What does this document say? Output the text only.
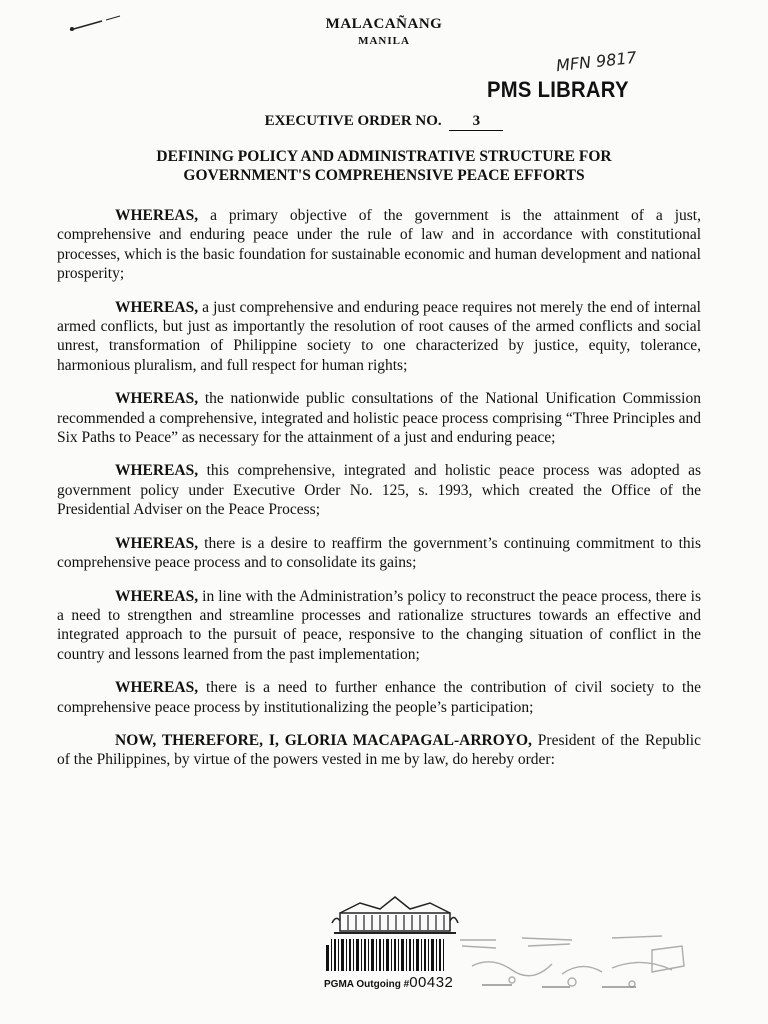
MALACAÑANG
MANILA
MFN 9817
PMS LIBRARY
EXECUTIVE ORDER NO. 3
DEFINING POLICY AND ADMINISTRATIVE STRUCTURE FOR
GOVERNMENT'S COMPREHENSIVE PEACE EFFORTS

WHEREAS, a primary objective of the government is the attainment of a just, comprehensive and enduring peace under the rule of law and in accordance with constitutional processes, which is the basic foundation for sustainable economic and human development and national prosperity;

WHEREAS, a just comprehensive and enduring peace requires not merely the end of internal armed conflicts, but just as importantly the resolution of root causes of the armed conflicts and social unrest, transformation of Philippine society to one characterized by justice, equity, tolerance, harmonious pluralism, and full respect for human rights;

WHEREAS, the nationwide public consultations of the National Unification Commission recommended a comprehensive, integrated and holistic peace process comprising “Three Principles and Six Paths to Peace” as necessary for the attainment of a just and enduring peace;

WHEREAS, this comprehensive, integrated and holistic peace process was adopted as government policy under Executive Order No. 125, s. 1993, which created the Office of the Presidential Adviser on the Peace Process;

WHEREAS, there is a desire to reaffirm the government’s continuing commitment to this comprehensive peace process and to consolidate its gains;

WHEREAS, in line with the Administration’s policy to reconstruct the peace process, there is a need to strengthen and streamline processes and rationalize structures towards an effective and integrated approach to the pursuit of peace, responsive to the changing situation of conflict in the country and lessons learned from the past implementation;

WHEREAS, there is a need to further enhance the contribution of civil society to the comprehensive peace process by institutionalizing the people’s participation;

NOW, THEREFORE, I, GLORIA MACAPAGAL-ARROYO, President of the Republic of the Philippines, by virtue of the powers vested in me by law, do hereby order:

PGMA Outgoing #00432
